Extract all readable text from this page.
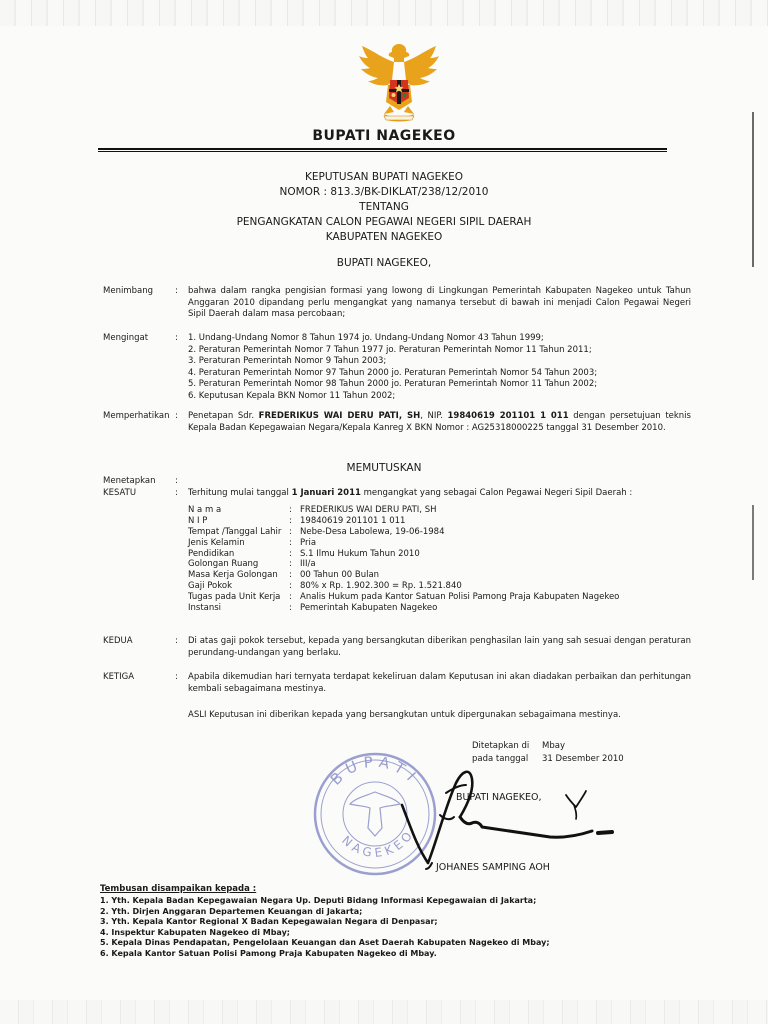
BUPATI NAGEKEO
KEPUTUSAN BUPATI NAGEKEO
NOMOR : 813.3/BK-DIKLAT/238/12/2010
TENTANG
PENGANGKATAN CALON PEGAWAI NEGERI SIPIL DAERAH
KABUPATEN NAGEKEO
BUPATI NAGEKEO,
Menimbang	: bahwa dalam rangka pengisian formasi yang lowong di Lingkungan Pemerintah Kabupaten Nagekeo untuk Tahun Anggaran 2010 dipandang perlu mengangkat yang namanya tersebut di bawah ini menjadi Calon Pegawai Negeri Sipil Daerah dalam masa percobaan;
Mengingat	: 1. Undang-Undang Nomor 8 Tahun 1974 jo. Undang-Undang Nomor 43 Tahun 1999;
2. Peraturan Pemerintah Nomor 7 Tahun 1977 jo. Peraturan Pemerintah Nomor 11 Tahun 2011;
3. Peraturan Pemerintah Nomor 9 Tahun 2003;
4. Peraturan Pemerintah Nomor 97 Tahun 2000 jo. Peraturan Pemerintah Nomor 54 Tahun 2003;
5. Peraturan Pemerintah Nomor 98 Tahun 2000 jo. Peraturan Pemerintah Nomor 11 Tahun 2002;
6. Keputusan Kepala BKN Nomor 11 Tahun 2002;
Memperhatikan : Penetapan Sdr. FREDERIKUS WAI DERU PATI, SH, NIP. 19840619 201101 1 011 dengan persetujuan teknis Kepala Badan Kepegawaian Negara/Kepala Kanreg X BKN Nomor : AG25318000225 tanggal 31 Desember 2010.
MEMUTUSKAN
Menetapkan :
KESATU	: Terhitung mulai tanggal 1 Januari 2011 mengangkat yang sebagai Calon Pegawai Negeri Sipil Daerah :
N a m a	: FREDERIKUS WAI DERU PATI, SH
N I P	: 19840619 201101 1 011
Tempat /Tanggal Lahir : Nebe-Desa Labolewa, 19-06-1984
Jenis Kelamin	: Pria
Pendidikan	: S.1 Ilmu Hukum Tahun 2010
Golongan Ruang	: III/a
Masa Kerja Golongan : 00 Tahun 00 Bulan
Gaji Pokok	: 80% x Rp. 1.902.300 = Rp. 1.521.840
Tugas pada Unit Kerja : Analis Hukum pada Kantor Satuan Polisi Pamong Praja Kabupaten Nagekeo
Instansi	: Pemerintah Kabupaten Nagekeo
KEDUA	: Di atas gaji pokok tersebut, kepada yang bersangkutan diberikan penghasilan lain yang sah sesuai dengan peraturan perundang-undangan yang berlaku.
KETIGA	: Apabila dikemudian hari ternyata terdapat kekeliruan dalam Keputusan ini akan diadakan perbaikan dan perhitungan kembali sebagaimana mestinya.
ASLI Keputusan ini diberikan kepada yang bersangkutan untuk dipergunakan sebagaimana mestinya.
Ditetapkan di Mbay
pada tanggal 31 Desember 2010
BUPATI
NAGEKEO
BUPATI NAGEKEO,
JOHANES SAMPING AOH
Tembusan disampaikan kepada :
1. Yth. Kepala Badan Kepegawaian Negara Up. Deputi Bidang Informasi Kepegawaian di Jakarta;
2. Yth. Dirjen Anggaran Departemen Keuangan di Jakarta;
3. Yth. Kepala Kantor Regional X Badan Kepegawaian Negara di Denpasar;
4. Inspektur Kabupaten Nagekeo di Mbay;
5. Kepala Dinas Pendapatan, Pengelolaan Keuangan dan Aset Daerah Kabupaten Nagekeo di Mbay;
6. Kepala Kantor Satuan Polisi Pamong Praja Kabupaten Nagekeo di Mbay.
